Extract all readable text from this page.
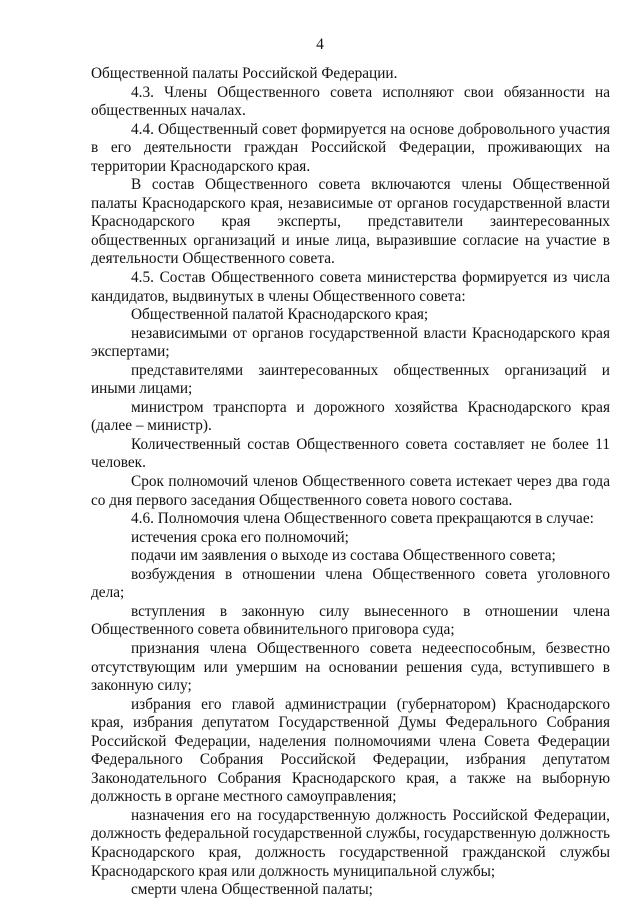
4

Общественной палаты Российской Федерации.

4.3. Члены Общественного совета исполняют свои обязанности на общественных началах.

4.4. Общественный совет формируется на основе добровольного участия в его деятельности граждан Российской Федерации, проживающих на территории Краснодарского края.

В состав Общественного совета включаются члены Общественной палаты Краснодарского края, независимые от органов государственной власти Краснодарского края эксперты, представители заинтересованных общественных организаций и иные лица, выразившие согласие на участие в деятельности Общественного совета.

4.5. Состав Общественного совета министерства формируется из числа кандидатов, выдвинутых в члены Общественного совета:

Общественной палатой Краснодарского края;

независимыми от органов государственной власти Краснодарского края экспертами;

представителями заинтересованных общественных организаций и иными лицами;

министром транспорта и дорожного хозяйства Краснодарского края (далее – министр).

Количественный состав Общественного совета составляет не более 11 человек.

Срок полномочий членов Общественного совета истекает через два года со дня первого заседания Общественного совета нового состава.

4.6. Полномочия члена Общественного совета прекращаются в случае:

истечения срока его полномочий;

подачи им заявления о выходе из состава Общественного совета;

возбуждения в отношении члена Общественного совета уголовного дела;

вступления в законную силу вынесенного в отношении члена Общественного совета обвинительного приговора суда;

признания члена Общественного совета недееспособным, безвестно отсутствующим или умершим на основании решения суда, вступившего в законную силу;

избрания его главой администрации (губернатором) Краснодарского края, избрания депутатом Государственной Думы Федерального Собрания Российской Федерации, наделения полномочиями члена Совета Федерации Федерального Собрания Российской Федерации, избрания депутатом Законодательного Собрания Краснодарского края, а также на выборную должность в органе местного самоуправления;

назначения его на государственную должность Российской Федерации, должность федеральной государственной службы, государственную должность Краснодарского края, должность государственной гражданской службы Краснодарского края или должность муниципальной службы;

смерти члена Общественной палаты;
